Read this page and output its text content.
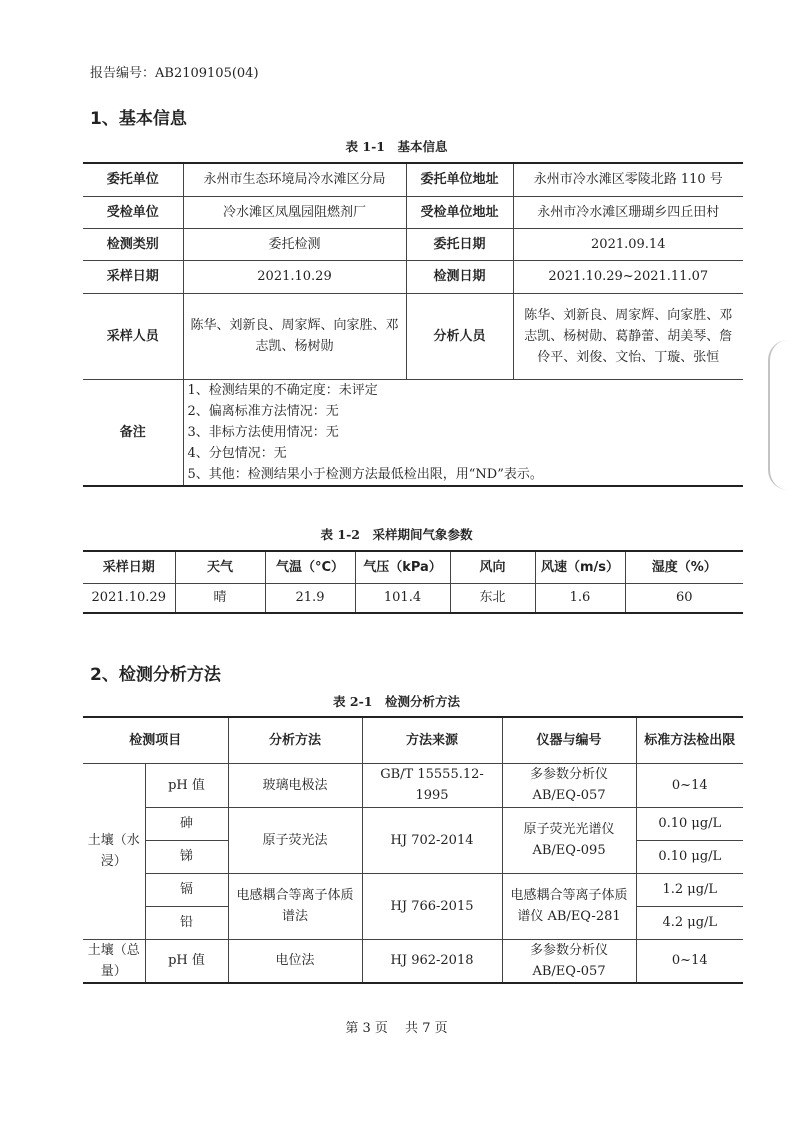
报告编号：AB2109105(04)
1、基本信息
表 1-1　基本信息
委托单位	永州市生态环境局冷水滩区分局	委托单位地址	永州市冷水滩区零陵北路 110 号
受检单位	冷水滩区凤凰园阻燃剂厂	受检单位地址	永州市冷水滩区珊瑚乡四丘田村
检测类别	委托检测	委托日期	2021.09.14
采样日期	2021.10.29	检测日期	2021.10.29~2021.11.07
采样人员	陈华、刘新良、周家辉、向家胜、邓志凯、杨树勋	分析人员	陈华、刘新良、周家辉、向家胜、邓志凯、杨树勋、葛静蕾、胡美琴、詹伶平、刘俊、文怡、丁璇、张恒
备注	1、检测结果的不确定度：未评定
2、偏离标准方法情况：无
3、非标方法使用情况：无
4、分包情况：无
5、其他：检测结果小于检测方法最低检出限，用“ND”表示。		
表 1-2　采样期间气象参数
采样日期	天气	气温（°C）	气压（kPa）	风向	风速（m/s）	湿度（%）
2021.10.29	晴	21.9	101.4	东北	1.6	60
2、检测分析方法
表 2-1　检测分析方法
检测项目		分析方法	方法来源	仪器与编号	标准方法检出限
土壤（水浸）	pH 值	玻璃电极法	GB/T 15555.12-1995	多参数分析仪 AB/EQ-057	0~14
	砷	原子荧光法	HJ 702-2014	原子荧光光谱仪 AB/EQ-095	0.10 μg/L
	锑				0.10 μg/L
	镉	电感耦合等离子体质谱法	HJ 766-2015	电感耦合等离子体质谱仪 AB/EQ-281	1.2 μg/L
	铅				4.2 μg/L
土壤（总量）	pH 值	电位法	HJ 962-2018	多参数分析仪 AB/EQ-057	0~14
第 3 页　 共 7 页
